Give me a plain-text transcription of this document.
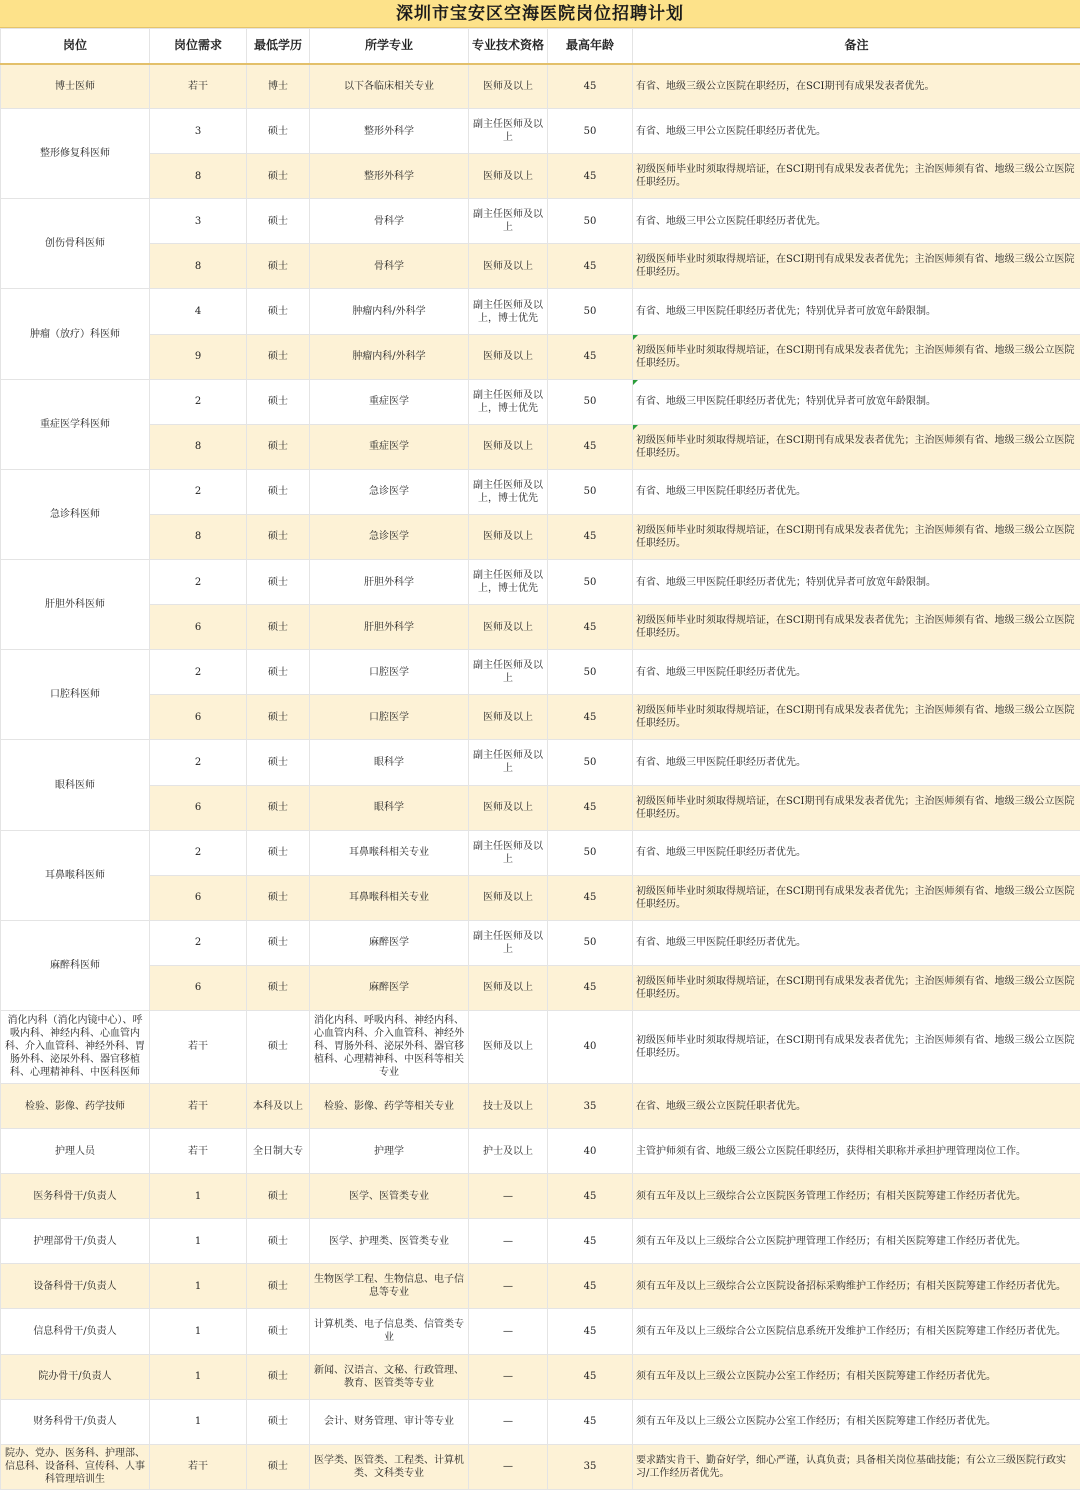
深圳市宝安区空海医院岗位招聘计划
岗位	岗位需求	最低学历	所学专业	专业技术资格	最高年龄	备注
博士医师	若干	博士	以下各临床相关专业	医师及以上	45	有省、地级三级公立医院在职经历，在SCI期刊有成果发表者优先。
整形修复科医师	3	硕士	整形外科学	副主任医师及以上	50	有省、地级三甲公立医院任职经历者优先。
	8	硕士	整形外科学	医师及以上	45	初级医师毕业时须取得规培证，在SCI期刊有成果发表者优先；主治医师须有省、地级三级公立医院任职经历。
创伤骨科医师	3	硕士	骨科学	副主任医师及以上	50	有省、地级三甲公立医院任职经历者优先。
	8	硕士	骨科学	医师及以上	45	初级医师毕业时须取得规培证，在SCI期刊有成果发表者优先；主治医师须有省、地级三级公立医院任职经历。
肿瘤（放疗）科医师	4	硕士	肿瘤内科/外科学	副主任医师及以上，博士优先	50	有省、地级三甲医院任职经历者优先；特别优异者可放宽年龄限制。
	9	硕士	肿瘤内科/外科学	医师及以上	45	初级医师毕业时须取得规培证，在SCI期刊有成果发表者优先；主治医师须有省、地级三级公立医院任职经历。
重症医学科医师	2	硕士	重症医学	副主任医师及以上，博士优先	50	有省、地级三甲医院任职经历者优先；特别优异者可放宽年龄限制。
	8	硕士	重症医学	医师及以上	45	初级医师毕业时须取得规培证，在SCI期刊有成果发表者优先；主治医师须有省、地级三级公立医院任职经历。
急诊科医师	2	硕士	急诊医学	副主任医师及以上，博士优先	50	有省、地级三甲医院任职经历者优先。
	8	硕士	急诊医学	医师及以上	45	初级医师毕业时须取得规培证，在SCI期刊有成果发表者优先；主治医师须有省、地级三级公立医院任职经历。
肝胆外科医师	2	硕士	肝胆外科学	副主任医师及以上，博士优先	50	有省、地级三甲医院任职经历者优先；特别优异者可放宽年龄限制。
	6	硕士	肝胆外科学	医师及以上	45	初级医师毕业时须取得规培证，在SCI期刊有成果发表者优先；主治医师须有省、地级三级公立医院任职经历。
口腔科医师	2	硕士	口腔医学	副主任医师及以上	50	有省、地级三甲医院任职经历者优先。
	6	硕士	口腔医学	医师及以上	45	初级医师毕业时须取得规培证，在SCI期刊有成果发表者优先；主治医师须有省、地级三级公立医院任职经历。
眼科医师	2	硕士	眼科学	副主任医师及以上	50	有省、地级三甲医院任职经历者优先。
	6	硕士	眼科学	医师及以上	45	初级医师毕业时须取得规培证，在SCI期刊有成果发表者优先；主治医师须有省、地级三级公立医院任职经历。
耳鼻喉科医师	2	硕士	耳鼻喉科相关专业	副主任医师及以上	50	有省、地级三甲医院任职经历者优先。
	6	硕士	耳鼻喉科相关专业	医师及以上	45	初级医师毕业时须取得规培证，在SCI期刊有成果发表者优先；主治医师须有省、地级三级公立医院任职经历。
麻醉科医师	2	硕士	麻醉医学	副主任医师及以上	50	有省、地级三甲医院任职经历者优先。
	6	硕士	麻醉医学	医师及以上	45	初级医师毕业时须取得规培证，在SCI期刊有成果发表者优先；主治医师须有省、地级三级公立医院任职经历。
消化内科（消化内镜中心）、呼吸内科、神经内科、心血管内科、介入血管科、神经外科、胃肠外科、泌尿外科、器官移植科、心理精神科、中医科医师	若干	硕士	消化内科、呼吸内科、神经内科、心血管内科、介入血管科、神经外科、胃肠外科、泌尿外科、器官移植科、心理精神科、中医科等相关专业	医师及以上	40	初级医师毕业时须取得规培证，在SCI期刊有成果发表者优先；主治医师须有省、地级三级公立医院任职经历。
检验、影像、药学技师	若干	本科及以上	检验、影像、药学等相关专业	技士及以上	35	在省、地级三级公立医院任职者优先。
护理人员	若干	全日制大专	护理学	护士及以上	40	主管护师须有省、地级三级公立医院任职经历，获得相关职称并承担护理管理岗位工作。
医务科骨干/负责人	1	硕士	医学、医管类专业	—	45	须有五年及以上三级综合公立医院医务管理工作经历；有相关医院筹建工作经历者优先。
护理部骨干/负责人	1	硕士	医学、护理类、医管类专业	—	45	须有五年及以上三级综合公立医院护理管理工作经历；有相关医院筹建工作经历者优先。
设备科骨干/负责人	1	硕士	生物医学工程、生物信息、电子信息等专业	—	45	须有五年及以上三级综合公立医院设备招标采购维护工作经历；有相关医院筹建工作经历者优先。
信息科骨干/负责人	1	硕士	计算机类、电子信息类、信管类专业	—	45	须有五年及以上三级综合公立医院信息系统开发维护工作经历；有相关医院筹建工作经历者优先。
院办骨干/负责人	1	硕士	新闻、汉语言、文秘、行政管理、教育、医管类等专业	—	45	须有五年及以上三级公立医院办公室工作经历；有相关医院筹建工作经历者优先。
财务科骨干/负责人	1	硕士	会计、财务管理、审计等专业	—	45	须有五年及以上三级公立医院办公室工作经历；有相关医院筹建工作经历者优先。
院办、党办、医务科、护理部、信息科、设备科、宣传科、人事科管理培训生	若干	硕士	医学类、医管类、工程类、计算机类、文科类专业	—	35	要求踏实肯干、勤奋好学，细心严谨，认真负责；具备相关岗位基础技能；有公立三级医院行政实习/工作经历者优先。
